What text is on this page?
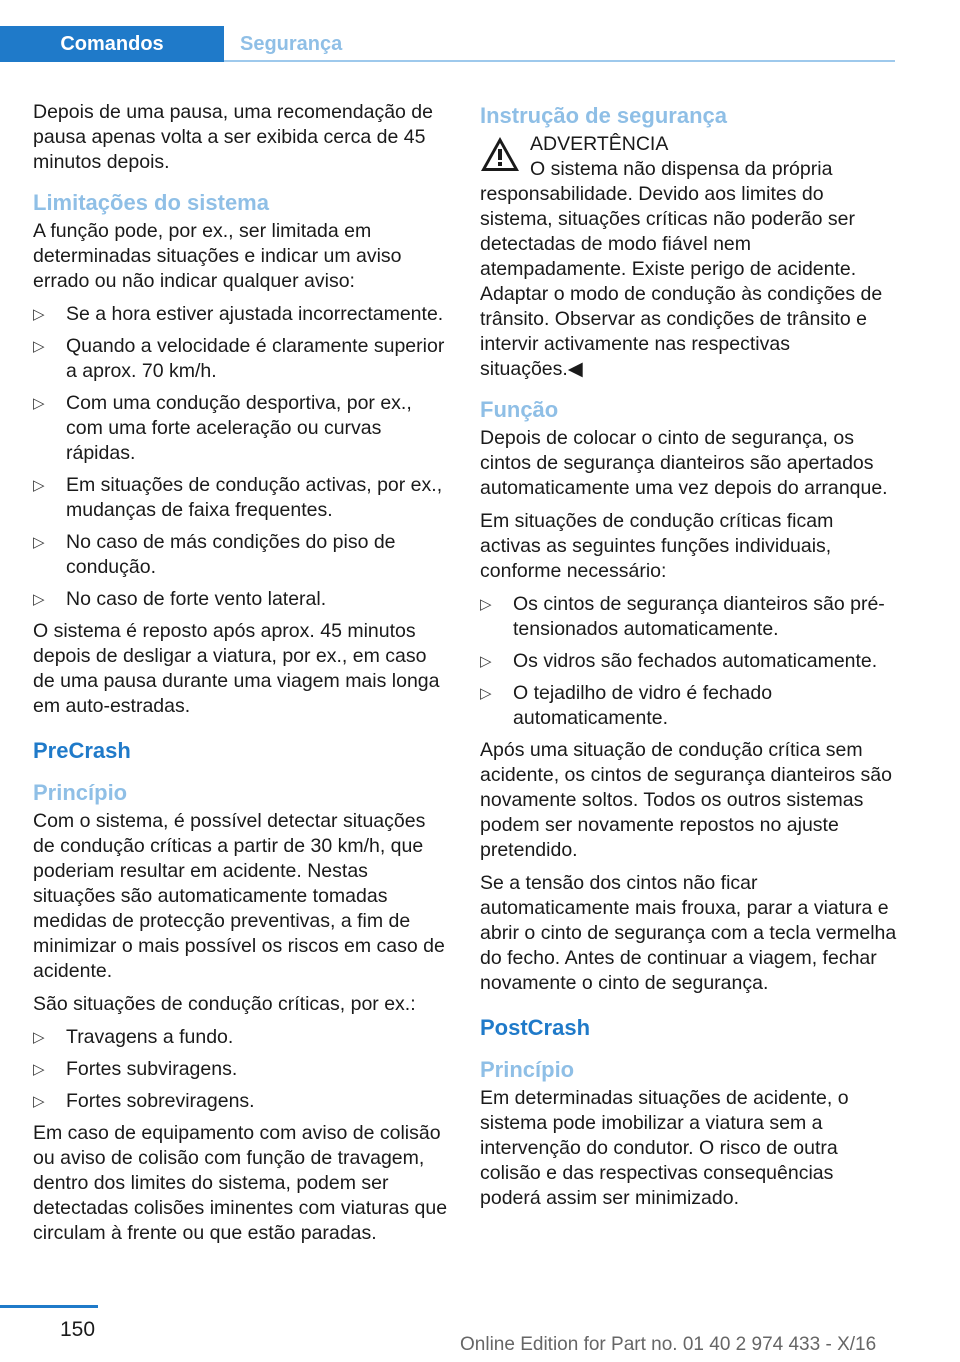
Comandos	Segurança

Depois de uma pausa, uma recomendação de pausa apenas volta a ser exibida cerca de 45 minutos depois.

Limitações do sistema

A função pode, por ex., ser limitada em determinadas situações e indicar um aviso errado ou não indicar qualquer aviso:

▷ Se a hora estiver ajustada incorrectamente.
▷ Quando a velocidade é claramente superior a aprox. 70 km/h.
▷ Com uma condução desportiva, por ex., com uma forte aceleração ou curvas rápidas.
▷ Em situações de condução activas, por ex., mudanças de faixa frequentes.
▷ No caso de más condições do piso de condução.
▷ No caso de forte vento lateral.

O sistema é reposto após aprox. 45 minutos depois de desligar a viatura, por ex., em caso de uma pausa durante uma viagem mais longa em auto-estradas.

PreCrash
Princípio

Com o sistema, é possível detectar situações de condução críticas a partir de 30 km/h, que poderiam resultar em acidente. Nestas situações são automaticamente tomadas medidas de protecção preventivas, a fim de minimizar o mais possível os riscos em caso de acidente.

São situações de condução críticas, por ex.:

▷ Travagens a fundo.
▷ Fortes subviragens.
▷ Fortes sobreviragens.

Em caso de equipamento com aviso de colisão ou aviso de colisão com função de travagem, dentro dos limites do sistema, podem ser detectadas colisões iminentes com viaturas que circulam à frente ou que estão paradas.

Instrução de segurança
ADVERTÊNCIA

O sistema não dispensa da própria responsabilidade. Devido aos limites do sistema, situações críticas não poderão ser detectadas de modo fiável nem atempadamente. Existe perigo de acidente. Adaptar o modo de condução às condições de trânsito. Observar as condições de trânsito e intervir activamente nas respectivas situações.◀

Função

Depois de colocar o cinto de segurança, os cintos de segurança dianteiros são apertados automaticamente uma vez depois do arranque.

Em situações de condução críticas ficam activas as seguintes funções individuais, conforme necessário:

▷ Os cintos de segurança dianteiros são pré-tensionados automaticamente.
▷ Os vidros são fechados automaticamente.
▷ O tejadilho de vidro é fechado automaticamente.

Após uma situação de condução crítica sem acidente, os cintos de segurança dianteiros são novamente soltos. Todos os outros sistemas podem ser novamente repostos no ajuste pretendido.

Se a tensão dos cintos não ficar automaticamente mais frouxa, parar a viatura e abrir o cinto de segurança com a tecla vermelha do fecho. Antes de continuar a viagem, fechar novamente o cinto de segurança.

PostCrash
Princípio

Em determinadas situações de acidente, o sistema pode imobilizar a viatura sem a intervenção do condutor. O risco de outra colisão e das respectivas consequências poderá assim ser minimizado.

150
Online Edition for Part no. 01 40 2 974 433 - X/16
